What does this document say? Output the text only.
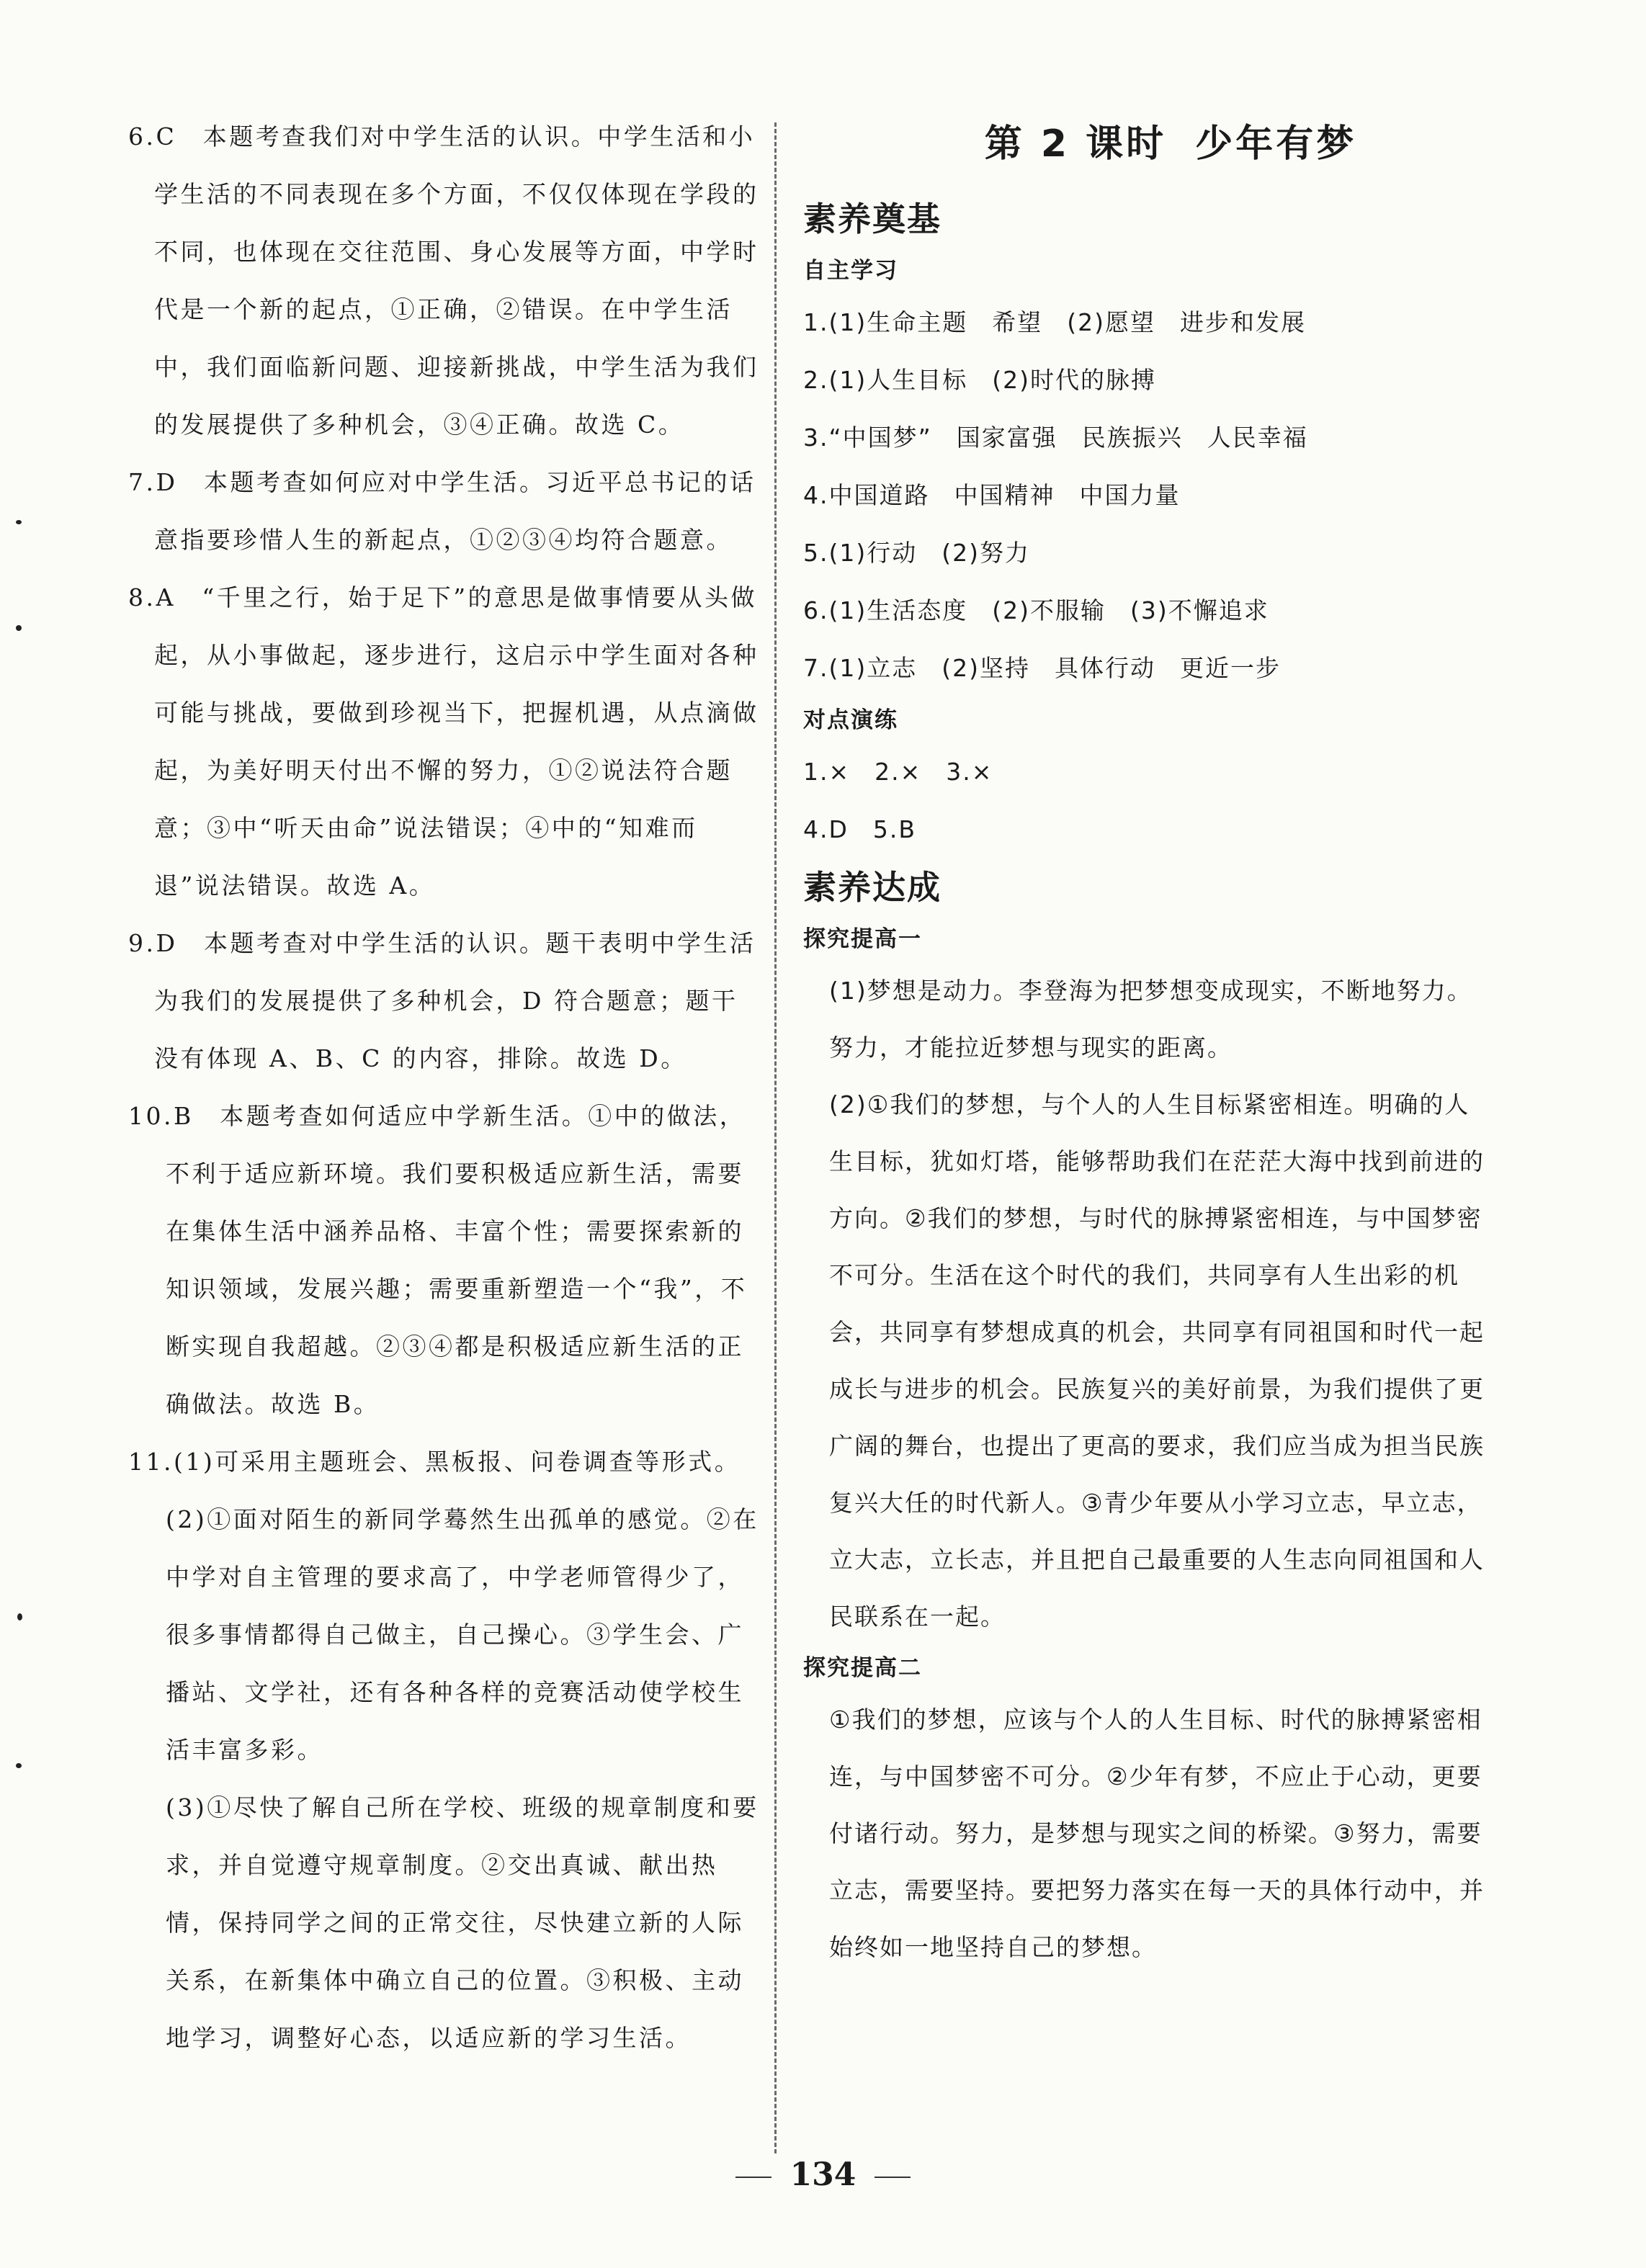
6.C　本题考查我们对中学生活的认识。中学生活和小学生活的不同表现在多个方面，不仅仅体现在学段的不同，也体现在交往范围、身心发展等方面，中学时代是一个新的起点，①正确，②错误。在中学生活中，我们面临新问题、迎接新挑战，中学生活为我们的发展提供了多种机会，③④正确。故选 C。

7.D　本题考查如何应对中学生活。习近平总书记的话意指要珍惜人生的新起点，①②③④均符合题意。

8.A　“千里之行，始于足下”的意思是做事情要从头做起，从小事做起，逐步进行，这启示中学生面对各种可能与挑战，要做到珍视当下，把握机遇，从点滴做起，为美好明天付出不懈的努力，①②说法符合题意；③中“听天由命”说法错误；④中的“知难而退”说法错误。故选 A。

9.D　本题考查对中学生活的认识。题干表明中学生活为我们的发展提供了多种机会，D 符合题意；题干没有体现 A、B、C 的内容，排除。故选 D。

10.B　本题考查如何适应中学新生活。①中的做法，不利于适应新环境。我们要积极适应新生活，需要在集体生活中涵养品格、丰富个性；需要探索新的知识领域，发展兴趣；需要重新塑造一个“我”，不断实现自我超越。②③④都是积极适应新生活的正确做法。故选 B。

11.(1)可采用主题班会、黑板报、问卷调查等形式。

(2)①面对陌生的新同学蓦然生出孤单的感觉。②在中学对自主管理的要求高了，中学老师管得少了，很多事情都得自己做主，自己操心。③学生会、广播站、文学社，还有各种各样的竞赛活动使学校生活丰富多彩。

(3)①尽快了解自己所在学校、班级的规章制度和要求，并自觉遵守规章制度。②交出真诚、献出热情，保持同学之间的正常交往，尽快建立新的人际关系，在新集体中确立自己的位置。③积极、主动地学习，调整好心态，以适应新的学习生活。

第 2 课时 少年有梦
素养奠基
自主学习
1.(1)生命主题 希望 (2)愿望 进步和发展
2.(1)人生目标 (2)时代的脉搏
3.“中国梦” 国家富强 民族振兴 人民幸福
4.中国道路 中国精神 中国力量
5.(1)行动 (2)努力
6.(1)生活态度 (2)不服输 (3)不懈追求
7.(1)立志 (2)坚持 具体行动 更近一步
对点演练
1.× 2.× 3.×
4.D 5.B
素养达成
探究提高一

(1)梦想是动力。李登海为把梦想变成现实，不断地努力。努力，才能拉近梦想与现实的距离。

(2)①我们的梦想，与个人的人生目标紧密相连。明确的人生目标，犹如灯塔，能够帮助我们在茫茫大海中找到前进的方向。②我们的梦想，与时代的脉搏紧密相连，与中国梦密不可分。生活在这个时代的我们，共同享有人生出彩的机会，共同享有梦想成真的机会，共同享有同祖国和时代一起成长与进步的机会。民族复兴的美好前景，为我们提供了更广阔的舞台，也提出了更高的要求，我们应当成为担当民族复兴大任的时代新人。③青少年要从小学习立志，早立志，立大志，立长志，并且把自己最重要的人生志向同祖国和人民联系在一起。

探究提高二

①我们的梦想，应该与个人的人生目标、时代的脉搏紧密相连，与中国梦密不可分。②少年有梦，不应止于心动，更要付诸行动。努力，是梦想与现实之间的桥梁。③努力，需要立志，需要坚持。要把努力落实在每一天的具体行动中，并始终如一地坚持自己的梦想。

134
